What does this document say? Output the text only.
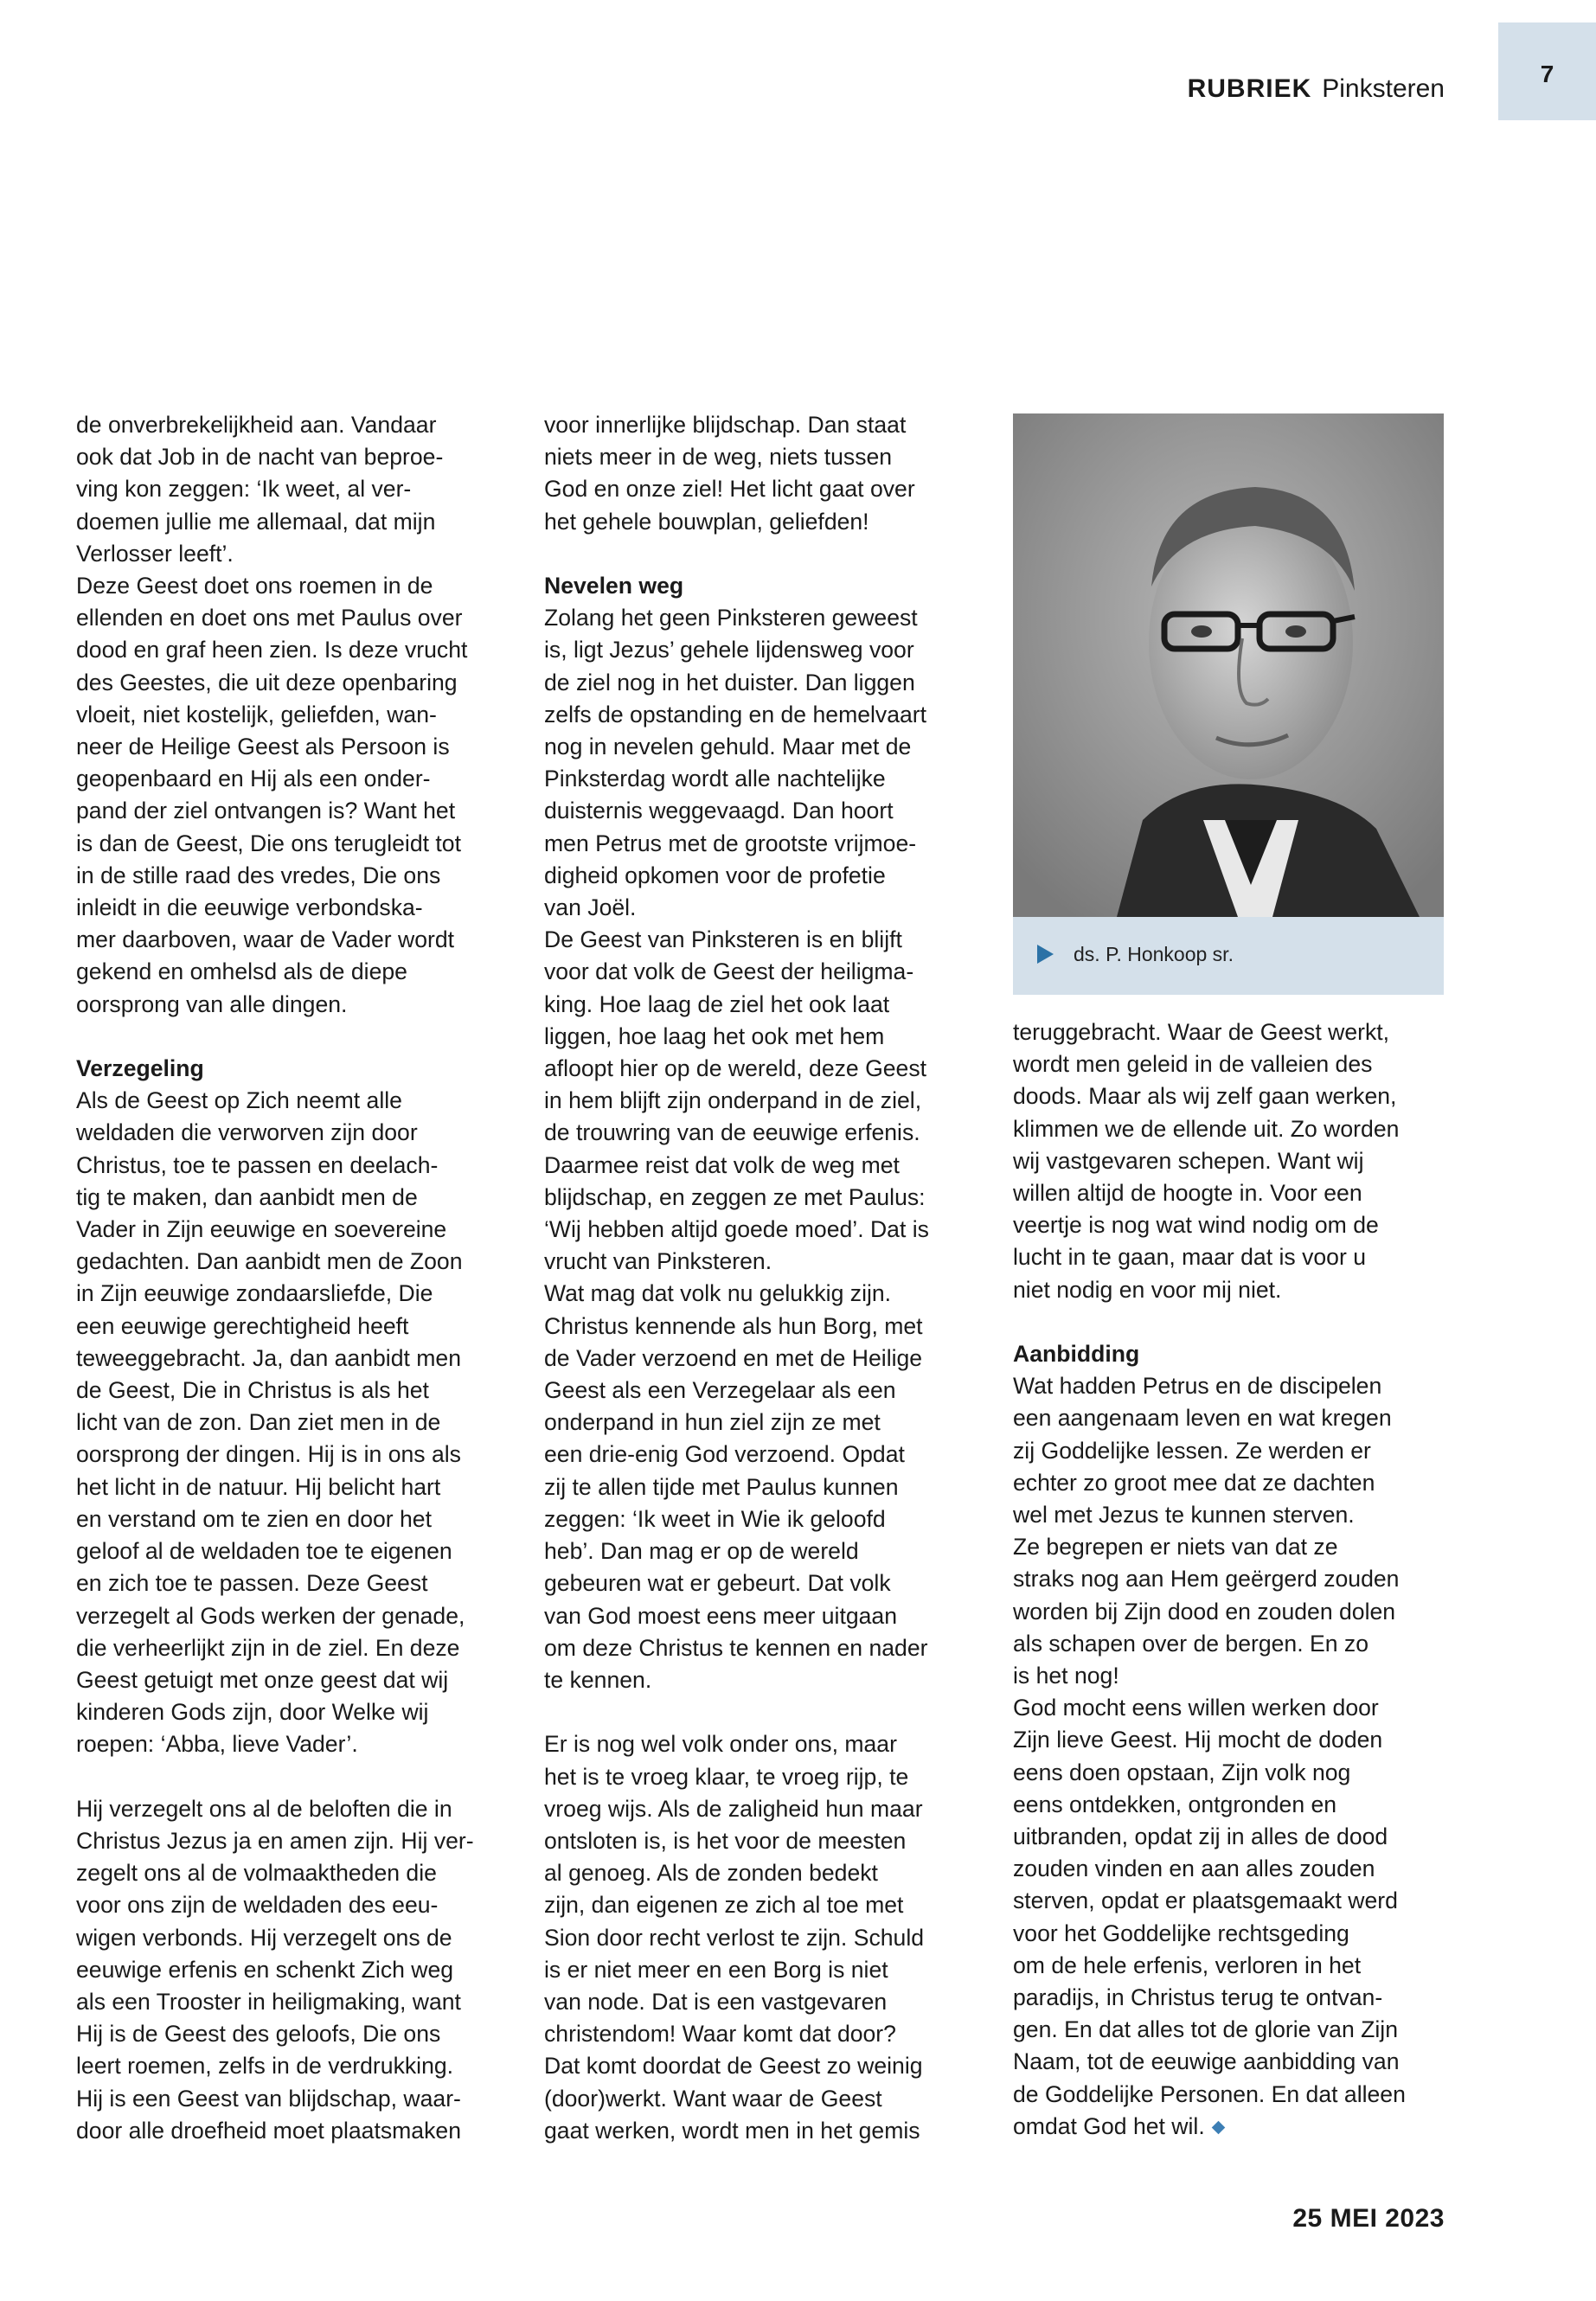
RUBRIEK Pinksteren
7

de onverbrekelijkheid aan. Vandaar

ook dat Job in de nacht van beproe-

ving kon zeggen: ‘Ik weet, al ver-

doemen jullie me allemaal, dat mijn

Verlosser leeft’.

Deze Geest doet ons roemen in de

ellenden en doet ons met Paulus over

dood en graf heen zien. Is deze vrucht

des Geestes, die uit deze openbaring

vloeit, niet kostelijk, geliefden, wan-

neer de Heilige Geest als Persoon is

geopenbaard en Hij als een onder-

pand der ziel ontvangen is? Want het

is dan de Geest, Die ons terugleidt tot

in de stille raad des vredes, Die ons

inleidt in die eeuwige verbondska-

mer daarboven, waar de Vader wordt

gekend en omhelsd als de diepe

oorsprong van alle dingen.

Verzegeling

Als de Geest op Zich neemt alle

weldaden die verworven zijn door

Christus, toe te passen en deelach-

tig te maken, dan aanbidt men de

Vader in Zijn eeuwige en soevereine

gedachten. Dan aanbidt men de Zoon

in Zijn eeuwige zondaarsliefde, Die

een eeuwige gerechtigheid heeft

teweeggebracht. Ja, dan aanbidt men

de Geest, Die in Christus is als het

licht van de zon. Dan ziet men in de

oorsprong der dingen. Hij is in ons als

het licht in de natuur. Hij belicht hart

en verstand om te zien en door het

geloof al de weldaden toe te eigenen

en zich toe te passen. Deze Geest

verzegelt al Gods werken der genade,

die verheerlijkt zijn in de ziel. En deze

Geest getuigt met onze geest dat wij

kinderen Gods zijn, door Welke wij

roepen: ‘Abba, lieve Vader’.

Hij verzegelt ons al de beloften die in

Christus Jezus ja en amen zijn. Hij ver-

zegelt ons al de volmaaktheden die

voor ons zijn de weldaden des eeu-

wigen verbonds. Hij verzegelt ons de

eeuwige erfenis en schenkt Zich weg

als een Trooster in heiligmaking, want

Hij is de Geest des geloofs, Die ons

leert roemen, zelfs in de verdrukking.

Hij is een Geest van blijdschap, waar-

door alle droefheid moet plaatsmaken

voor innerlijke blijdschap. Dan staat

niets meer in de weg, niets tussen

God en onze ziel! Het licht gaat over

het gehele bouwplan, geliefden!

Nevelen weg

Zolang het geen Pinksteren geweest

is, ligt Jezus’ gehele lijdensweg voor

de ziel nog in het duister. Dan liggen

zelfs de opstanding en de hemelvaart

nog in nevelen gehuld. Maar met de

Pinksterdag wordt alle nachtelijke

duisternis weggevaagd. Dan hoort

men Petrus met de grootste vrijmoe-

digheid opkomen voor de profetie

van Joël.

De Geest van Pinksteren is en blijft

voor dat volk de Geest der heiligma-

king. Hoe laag de ziel het ook laat

liggen, hoe laag het ook met hem

afloopt hier op de wereld, deze Geest

in hem blijft zijn onderpand in de ziel,

de trouwring van de eeuwige erfenis.

Daarmee reist dat volk de weg met

blijdschap, en zeggen ze met Paulus:

‘Wij hebben altijd goede moed’. Dat is

vrucht van Pinksteren.

Wat mag dat volk nu gelukkig zijn.

Christus kennende als hun Borg, met

de Vader verzoend en met de Heilige

Geest als een Verzegelaar als een

onderpand in hun ziel zijn ze met

een drie-enig God verzoend. Opdat

zij te allen tijde met Paulus kunnen

zeggen: ‘Ik weet in Wie ik geloofd

heb’. Dan mag er op de wereld

gebeuren wat er gebeurt. Dat volk

van God moest eens meer uitgaan

om deze Christus te kennen en nader

te kennen.

Er is nog wel volk onder ons, maar

het is te vroeg klaar, te vroeg rijp, te

vroeg wijs. Als de zaligheid hun maar

ontsloten is, is het voor de meesten

al genoeg. Als de zonden bedekt

zijn, dan eigenen ze zich al toe met

Sion door recht verlost te zijn. Schuld

is er niet meer en een Borg is niet

van node. Dat is een vastgevaren

christendom! Waar komt dat door?

Dat komt doordat de Geest zo weinig

(door)werkt. Want waar de Geest

gaat werken, wordt men in het gemis

ds. P. Honkoop sr.

teruggebracht. Waar de Geest werkt,

wordt men geleid in de valleien des

doods. Maar als wij zelf gaan werken,

klimmen we de ellende uit. Zo worden

wij vastgevaren schepen. Want wij

willen altijd de hoogte in. Voor een

veertje is nog wat wind nodig om de

lucht in te gaan, maar dat is voor u

niet nodig en voor mij niet.

Aanbidding

Wat hadden Petrus en de discipelen

een aangenaam leven en wat kregen

zij Goddelijke lessen. Ze werden er

echter zo groot mee dat ze dachten

wel met Jezus te kunnen sterven.

Ze begrepen er niets van dat ze

straks nog aan Hem geërgerd zouden

worden bij Zijn dood en zouden dolen

als schapen over de bergen. En zo

is het nog!

God mocht eens willen werken door

Zijn lieve Geest. Hij mocht de doden

eens doen opstaan, Zijn volk nog

eens ontdekken, ontgronden en

uitbranden, opdat zij in alles de dood

zouden vinden en aan alles zouden

sterven, opdat er plaatsgemaakt werd

voor het Goddelijke rechtsgeding

om de hele erfenis, verloren in het

paradijs, in Christus terug te ontvan-

gen. En dat alles tot de glorie van Zijn

Naam, tot de eeuwige aanbidding van

de Goddelijke Personen. En dat alleen

omdat God het wil.

25 MEI 2023
